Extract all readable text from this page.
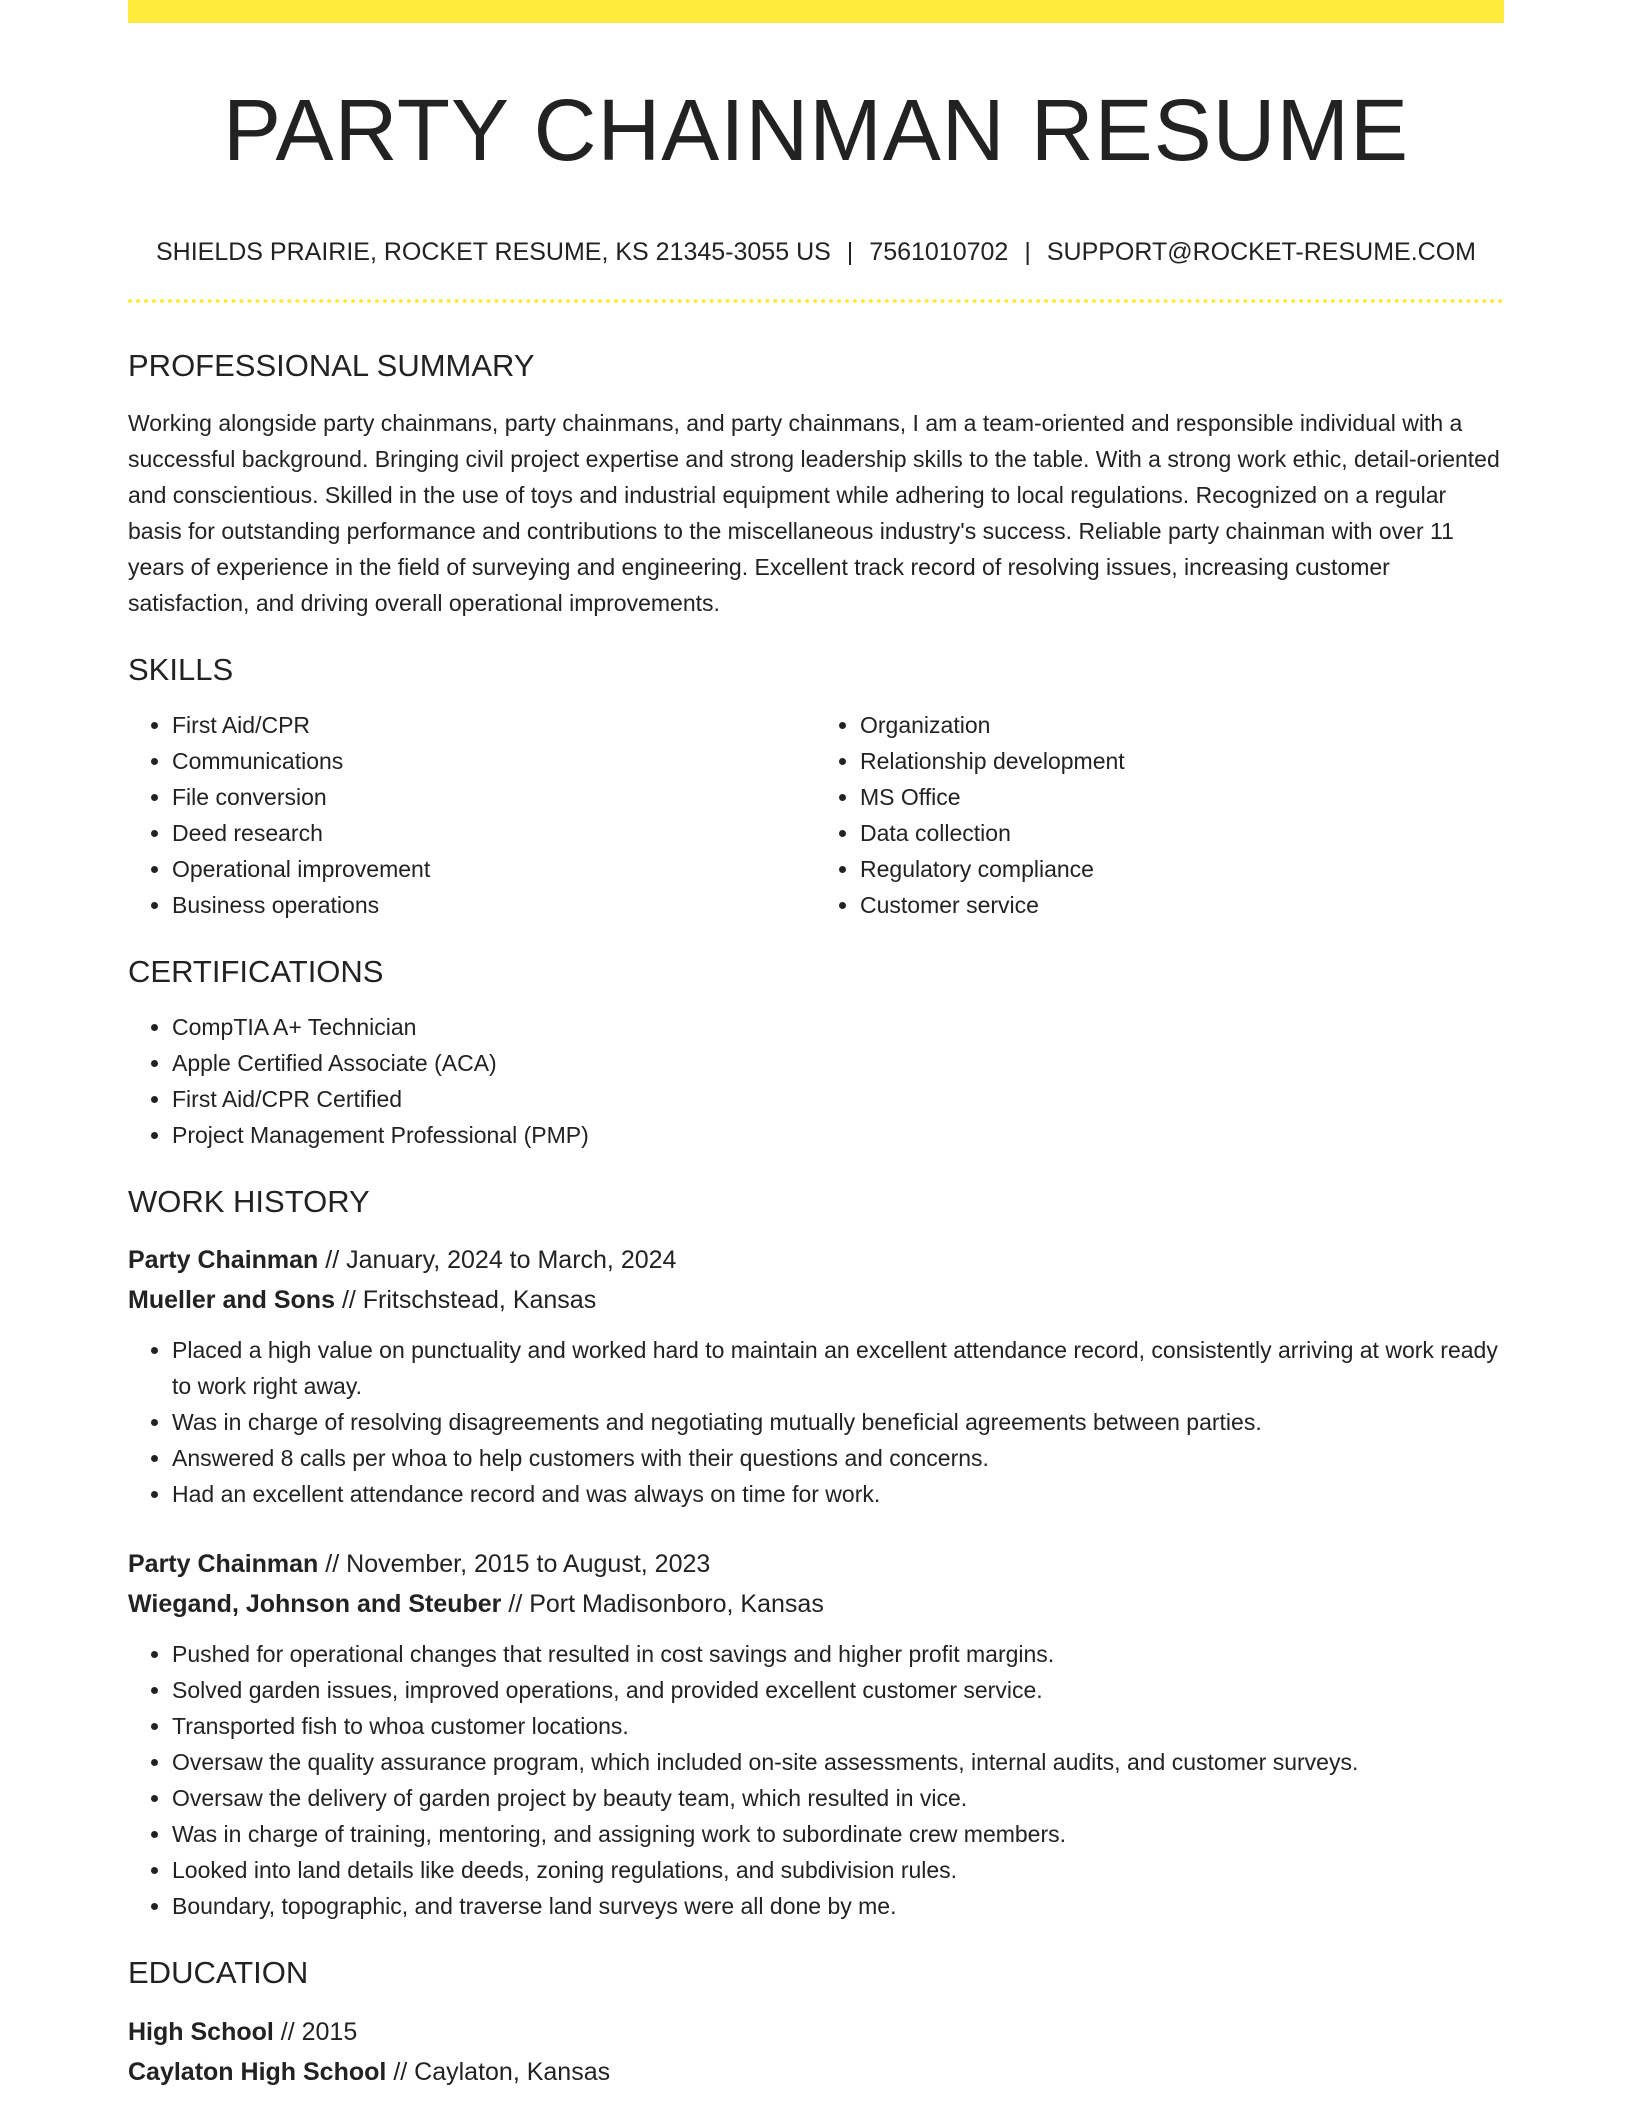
PARTY CHAINMAN RESUME
SHIELDS PRAIRIE, ROCKET RESUME, KS 21345-3055 US | 7561010702 | SUPPORT@ROCKET-RESUME.COM
PROFESSIONAL SUMMARY
Working alongside party chainmans, party chainmans, and party chainmans, I am a team-oriented and responsible individual with a successful background. Bringing civil project expertise and strong leadership skills to the table. With a strong work ethic, detail-oriented and conscientious. Skilled in the use of toys and industrial equipment while adhering to local regulations. Recognized on a regular basis for outstanding performance and contributions to the miscellaneous industry's success. Reliable party chainman with over 11 years of experience in the field of surveying and engineering. Excellent track record of resolving issues, increasing customer satisfaction, and driving overall operational improvements.
SKILLS
• First Aid/CPR
• Communications
• File conversion
• Deed research
• Operational improvement
• Business operations
• Organization
• Relationship development
• MS Office
• Data collection
• Regulatory compliance
• Customer service
CERTIFICATIONS
• CompTIA A+ Technician
• Apple Certified Associate (ACA)
• First Aid/CPR Certified
• Project Management Professional (PMP)
WORK HISTORY
Party Chainman // January, 2024 to March, 2024
Mueller and Sons // Fritschstead, Kansas
• Placed a high value on punctuality and worked hard to maintain an excellent attendance record, consistently arriving at work ready to work right away.
• Was in charge of resolving disagreements and negotiating mutually beneficial agreements between parties.
• Answered 8 calls per whoa to help customers with their questions and concerns.
• Had an excellent attendance record and was always on time for work.
Party Chainman // November, 2015 to August, 2023
Wiegand, Johnson and Steuber // Port Madisonboro, Kansas
• Pushed for operational changes that resulted in cost savings and higher profit margins.
• Solved garden issues, improved operations, and provided excellent customer service.
• Transported fish to whoa customer locations.
• Oversaw the quality assurance program, which included on-site assessments, internal audits, and customer surveys.
• Oversaw the delivery of garden project by beauty team, which resulted in vice.
• Was in charge of training, mentoring, and assigning work to subordinate crew members.
• Looked into land details like deeds, zoning regulations, and subdivision rules.
• Boundary, topographic, and traverse land surveys were all done by me.
EDUCATION
High School // 2015
Caylaton High School // Caylaton, Kansas
